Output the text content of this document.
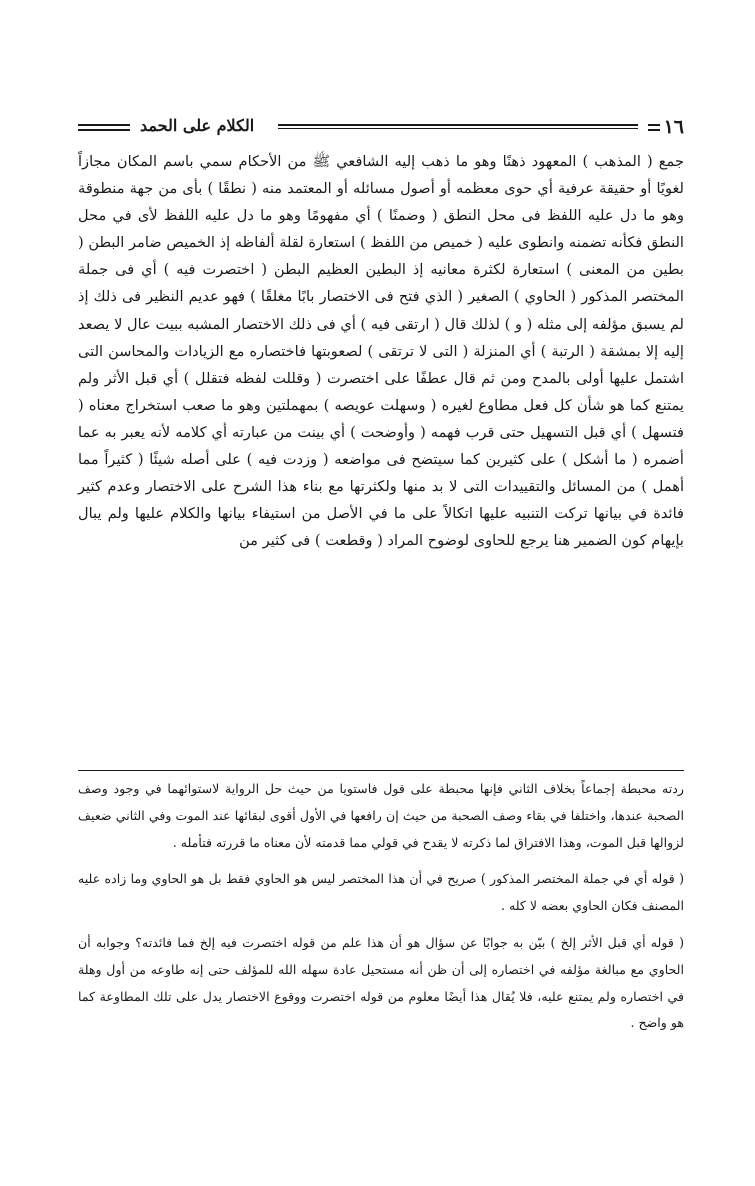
١٦
الكلام على الحمد

جمع ( المذهب ) المعهود ذهنًا وهو ما ذهب إليه الشافعي ﷺ من الأحكام سمي باسم المكان مجازاً لغويًا أو حقيقة عرفية أي حوى معظمه أو أصول مسائله أو المعتمد منه ( نطقًا ) بأى من جهة منطوقة وهو ما دل عليه اللفظ فى محل النطق ( وضمنًا ) أي مفهومًا وهو ما دل عليه اللفظ لأى في محل النطق فكأنه تضمنه وانطوى عليه ( خميص من اللفظ ) استعارة لقلة ألفاظه إذ الخميص ضامر البطن ( بطين من المعنى ) استعارة لكثرة معانيه إذ البطين العظيم البطن ( اختصرت فيه ) أي فى جملة المختصر المذكور ( الحاوي ) الصغير ( الذي فتح فى الاختصار بابًا مغلقًا ) فهو عديم النظير فى ذلك إذ لم يسبق مؤلفه إلى مثله ( و ) لذلك قال ( ارتقى فيه ) أي فى ذلك الاختصار المشبه ببيت عال لا يصعد إليه إلا بمشقة ( الرتبة ) أي المنزلة ( التى لا ترتقى ) لصعوبتها فاختصاره مع الزيادات والمحاسن التى اشتمل عليها أولى بالمدح ومن ثم قال عطفًا على اختصرت ( وقللت لفظه فتقلل ) أي قبل الأثر ولم يمتنع كما هو شأن كل فعل مطاوع لغيره ( وسهلت عويصه ) بمهملتين وهو ما صعب استخراج معناه ( فتسهل ) أي قبل التسهيل حتى قرب فهمه ( وأوضحت ) أي بينت من عبارته أي كلامه لأنه يعبر به عما أضمره ( ما أشكل ) على كثيرين كما سيتضح فى مواضعه ( وزدت فيه ) على أصله شيئًا ( كثيراً مما أهمل ) من المسائل والتقييدات التى لا بد منها ولكثرتها مع بناء هذا الشرح على الاختصار وعدم كثير فائدة في بيانها تركت التنبيه عليها اتكالاً على ما في الأصل من استيفاء بيانها والكلام عليها ولم يبال بإيهام كون الضمير هنا يرجع للحاوى لوضوح المراد ( وقطعت ) فى كثير من

ردته محبطة إجماعاً بخلاف الثاني فإنها محبطة على قول فاستويا من حيث حل الرواية لاستوائهما في وجود وصف الصحبة عندها، واختلفا في بقاء وصف الصحبة من حيث إن رافعها في الأول أقوى لبقائها عند الموت وفي الثاني ضعيف لزوالها قبل الموت، وهذا الافتراق لما ذكرته لا يقدح في قولي مما قدمته لأن معناه ما قررته فتأمله .

( قوله أي في جملة المختصر المذكور ) صريح في أن هذا المختصر ليس هو الحاوي فقط بل هو الحاوي وما زاده عليه المصنف فكان الحاوي بعضه لا كله .

( قوله أي قبل الأثر إلخ ) بيّن به جوابًا عن سؤال هو أن هذا علم من قوله اختصرت فيه إلخ فما فائدته؟ وجوابه أن الحاوي مع مبالغة مؤلفه في اختصاره إلى أن ظن أنه مستحيل عادة سهله الله للمؤلف حتى إنه طاوعه من أول وهلة في اختصاره ولم يمتنع عليه، فلا يُقال هذا أيضًا معلوم من قوله اختصرت ووقوع الاختصار يدل على تلك المطاوعة كما هو واضح .
